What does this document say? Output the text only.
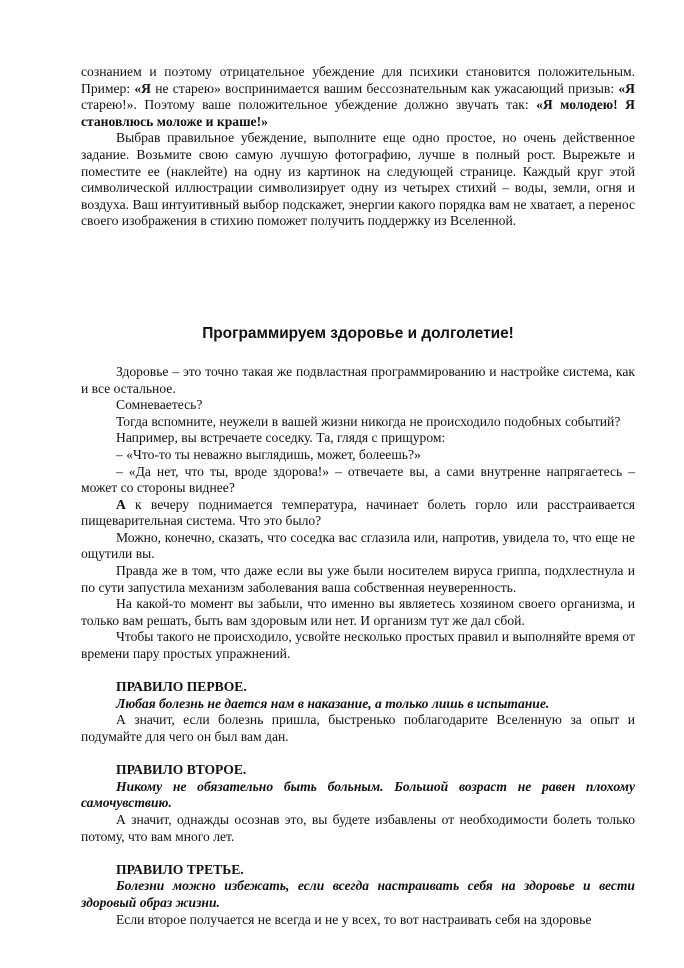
сознанием и поэтому отрицательное убеждение для психики становится положительным. Пример: «Я не старею» воспринимается вашим бессознательным как ужасающий призыв: «Я старею!». Поэтому ваше положительное убеждение должно звучать так: «Я молодею! Я становлюсь моложе и краше!»

Выбрав правильное убеждение, выполните еще одно простое, но очень действенное задание. Возьмите свою самую лучшую фотографию, лучше в полный рост. Вырежьте и поместите ее (наклейте) на одну из картинок на следующей странице. Каждый круг этой символической иллюстрации символизирует одну из четырех стихий – воды, земли, огня и воздуха. Ваш интуитивный выбор подскажет, энергии какого порядка вам не хватает, а перенос своего изображения в стихию поможет получить поддержку из Вселенной.

Программируем здоровье и долголетие!

Здоровье – это точно такая же подвластная программированию и настройке система, как и все остальное.

Сомневаетесь?

Тогда вспомните, неужели в вашей жизни никогда не происходило подобных событий?

Например, вы встречаете соседку. Та, глядя с прищуром:

– «Что-то ты неважно выглядишь, может, болеешь?»

– «Да нет, что ты, вроде здорова!» – отвечаете вы, а сами внутренне напрягаетесь – может со стороны виднее?

А к вечеру поднимается температура, начинает болеть горло или расстраивается пищеварительная система. Что это было?

Можно, конечно, сказать, что соседка вас сглазила или, напротив, увидела то, что еще не ощутили вы.

Правда же в том, что даже если вы уже были носителем вируса гриппа, подхлестнула и по сути запустила механизм заболевания ваша собственная неуверенность.

На какой-то момент вы забыли, что именно вы являетесь хозяином своего организма, и только вам решать, быть вам здоровым или нет. И организм тут же дал сбой.

Чтобы такого не происходило, усвойте несколько простых правил и выполняйте время от времени пару простых упражнений.

ПРАВИЛО ПЕРВОЕ.

Любая болезнь не дается нам в наказание, а только лишь в испытание.

А значит, если болезнь пришла, быстренько поблагодарите Вселенную за опыт и подумайте для чего он был вам дан.

ПРАВИЛО ВТОРОЕ.

Никому не обязательно быть больным. Большой возраст не равен плохому самочувствию.

А значит, однажды осознав это, вы будете избавлены от необходимости болеть только потому, что вам много лет.

ПРАВИЛО ТРЕТЬЕ.

Болезни можно избежать, если всегда настраивать себя на здоровье и вести здоровый образ жизни.

Если второе получается не всегда и не у всех, то вот настраивать себя на здоровье
